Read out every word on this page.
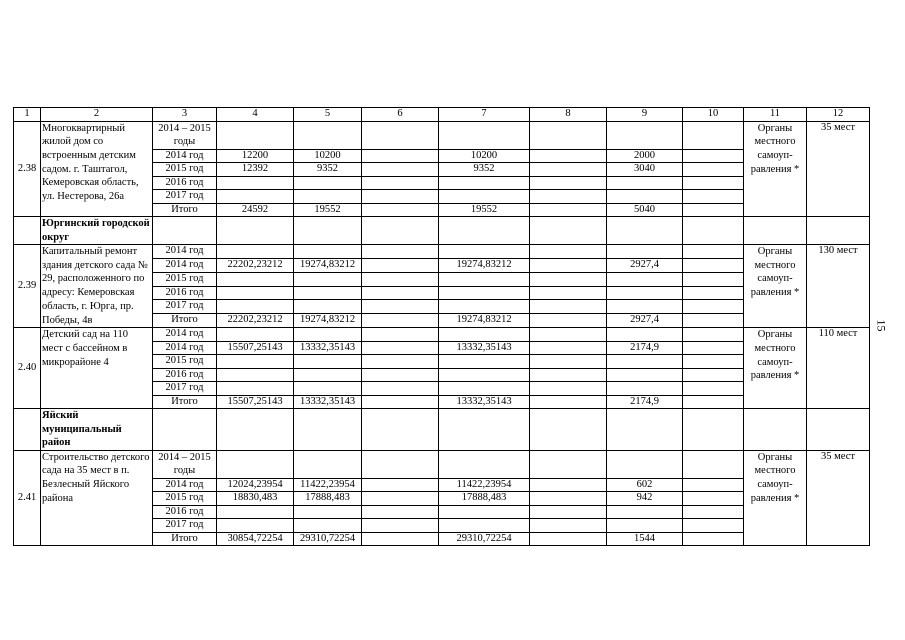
1	2	3	4	5	6	7	8	9	10	11	12
2.38	Многоквартирный жилой дом со встроенным детским садом. г. Таштагол, Кемеровская область, ул. Нестерова, 26а	2014 – 2015 годы								Органы местного самоуп-равления *	35 мест
		2014 год	12200	10200		10200		2000			
		2015 год	12392	9352		9352		3040			
		2016 год									
		2017 год									
		Итого	24592	19552		19552		5040			
	Юргинский городской округ										
2.39	Капитальный ремонт здания детского сада № 29, расположенного по адресу: Кемеровская область, г. Юрга, пр. Победы, 4в	2014 год								Органы местного самоуп-равления *	130 мест
		2014 год	22202,23212	19274,83212		19274,83212		2927,4			
		2015 год									
		2016 год									
		2017 год									
		Итого	22202,23212	19274,83212		19274,83212		2927,4			
2.40	Детский сад на 110 мест с бассейном в микрорайоне 4	2014 год								Органы местного самоуп-равления *	110 мест
		2014 год	15507,25143	13332,35143		13332,35143		2174,9			
		2015 год									
		2016 год									
		2017 год									
		Итого	15507,25143	13332,35143		13332,35143		2174,9			
	Яйский муниципальный район										
2.41	Строительство детского сада на 35 мест в п. Безлесный Яйского района	2014 – 2015 годы								Органы местного самоуп-равления *	35 мест
		2014 год	12024,23954	11422,23954		11422,23954		602			
		2015 год	18830,483	17888,483		17888,483		942			
		2016 год									
		2017 год									
		Итого	30854,72254	29310,72254		29310,72254		1544			
15
